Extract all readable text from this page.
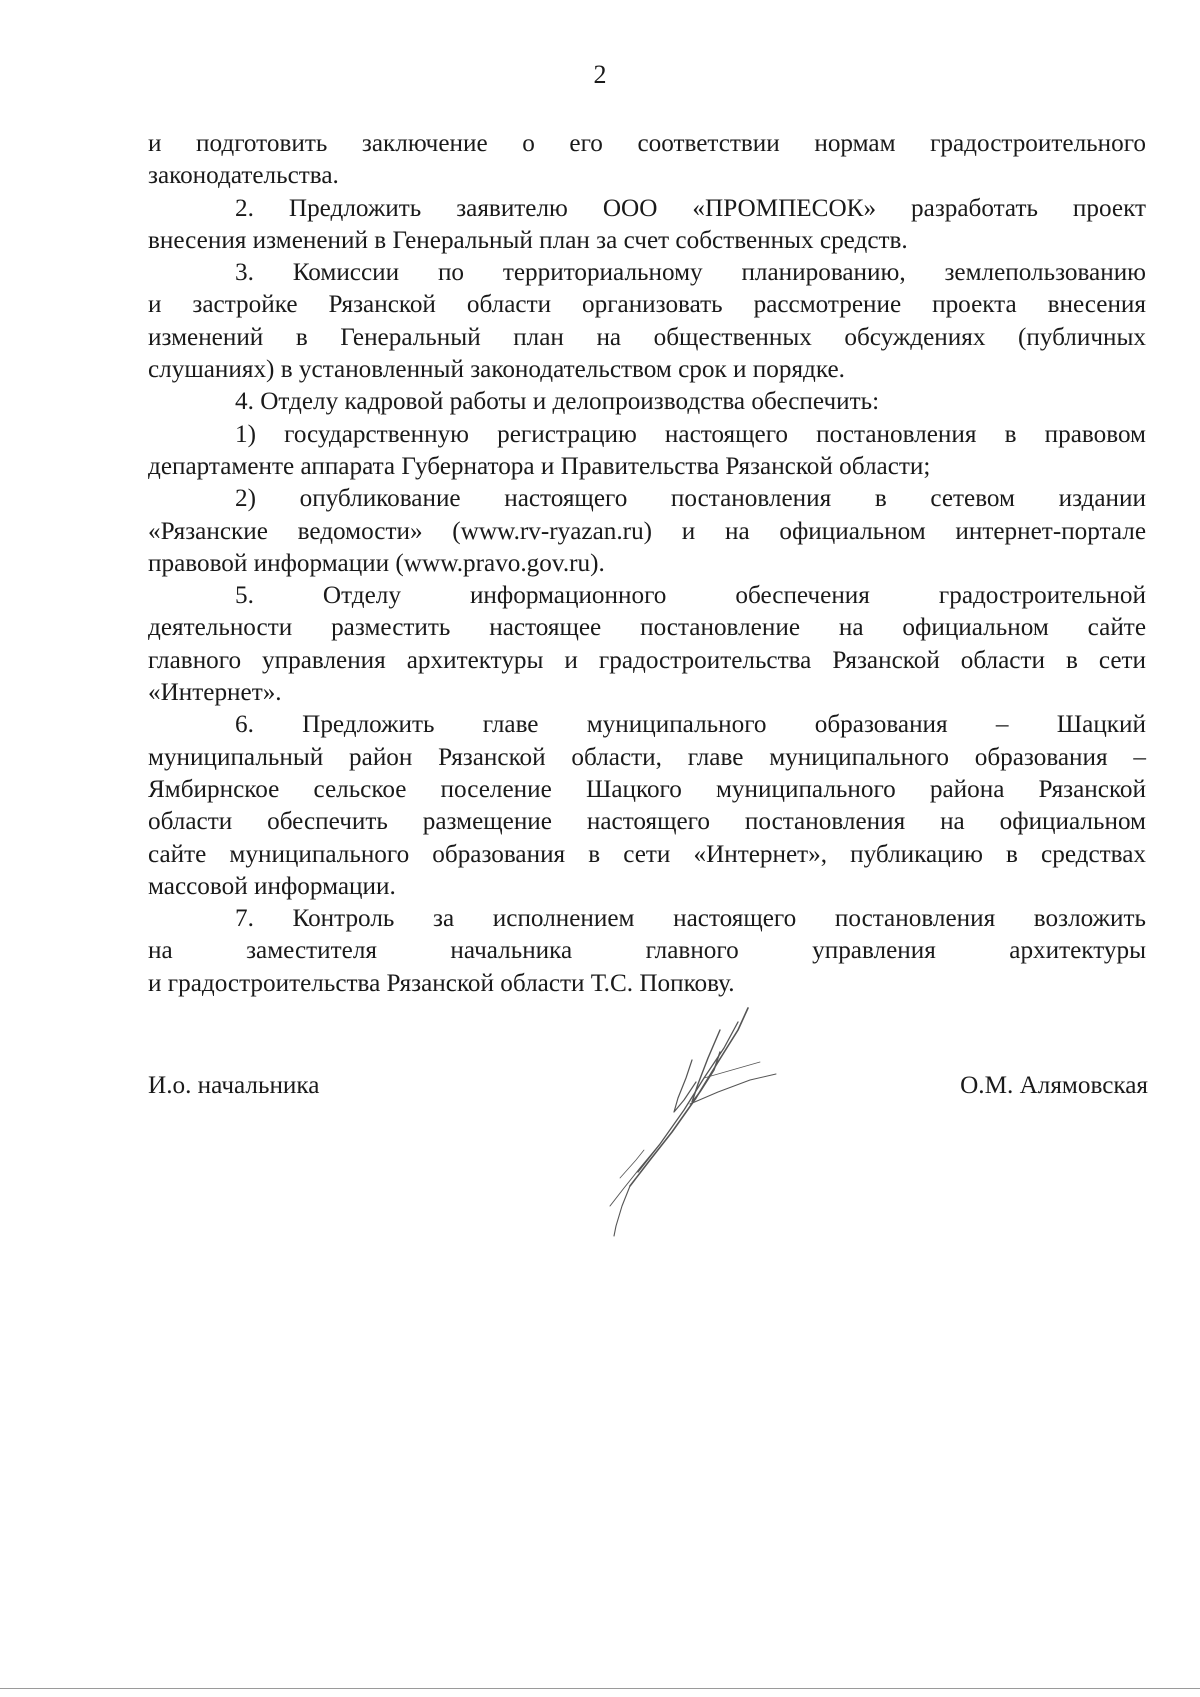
2
и подготовить заключение о его соответствии нормам градостроительного
законодательства.
2. Предложить заявителю ООО «ПРОМПЕСОК» разработать проект
внесения изменений в Генеральный план за счет собственных средств.
3. Комиссии по территориальному планированию, землепользованию
и застройке Рязанской области организовать рассмотрение проекта внесения
изменений в Генеральный план на общественных обсуждениях (публичных
слушаниях) в установленный законодательством срок и порядке.
4. Отделу кадровой работы и делопроизводства обеспечить:
1) государственную регистрацию настоящего постановления в правовом
департаменте аппарата Губернатора и Правительства Рязанской области;
2) опубликование настоящего постановления в сетевом издании
«Рязанские ведомости» (www.rv-ryazan.ru) и на официальном интернет-портале
правовой информации (www.pravo.gov.ru).
5. Отделу информационного обеспечения градостроительной
деятельности разместить настоящее постановление на официальном сайте
главного управления архитектуры и градостроительства Рязанской области в сети
«Интернет».
6. Предложить главе муниципального образования – Шацкий
муниципальный район Рязанской области, главе муниципального образования –
Ямбирнское сельское поселение Шацкого муниципального района Рязанской
области обеспечить размещение настоящего постановления на официальном
сайте муниципального образования в сети «Интернет», публикацию в средствах
массовой информации.
7. Контроль за исполнением настоящего постановления возложить
на заместителя начальника главного управления архитектуры
и градостроительства Рязанской области Т.С. Попкову.
И.о. начальника	О.М. Алямовская
